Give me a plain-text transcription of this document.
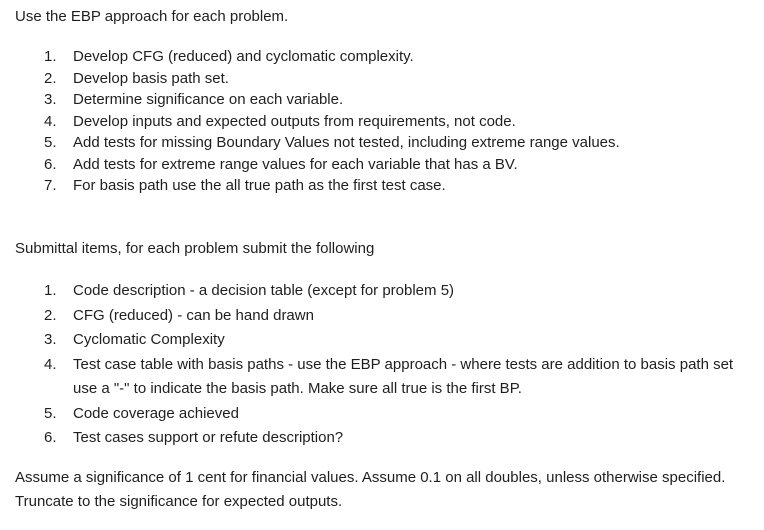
Use the EBP approach for each problem.

1.	Develop CFG (reduced) and cyclomatic complexity.
2.	Develop basis path set.
3.	Determine significance on each variable.
4.	Develop inputs and expected outputs from requirements, not code.
5.	Add tests for missing Boundary Values not tested, including extreme range values.
6.	Add tests for extreme range values for each variable that has a BV.
7.	For basis path use the all true path as the first test case.

Submittal items, for each problem submit the following

1.	Code description - a decision table (except for problem 5)
2.	CFG (reduced) - can be hand drawn
3.	Cyclomatic Complexity
4.	Test case table with basis paths - use the EBP approach - where tests are addition to basis path set use a "-" to indicate the basis path. Make sure all true is the first BP.
5.	Code coverage achieved
6.	Test cases support or refute description?

Assume a significance of 1 cent for financial values. Assume 0.1 on all doubles, unless otherwise specified. Truncate to the significance for expected outputs.
